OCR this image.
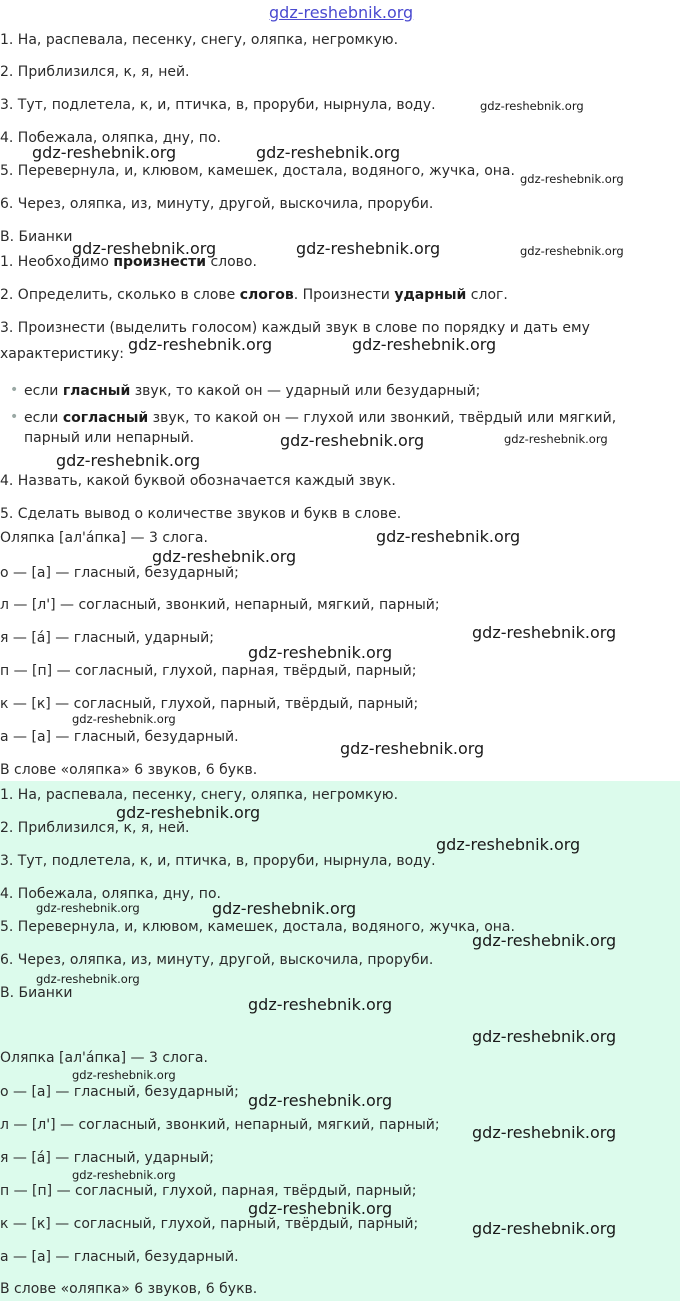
gdz-reshebnik.org
1. На, распевала, песенку, снегу, оляпка, негромкую.
2. Приблизился, к, я, ней.
3. Тут, подлетела, к, и, птичка, в, проруби, нырнула, воду.
4. Побежала, оляпка, дну, по.
5. Перевернула, и, клювом, камешек, достала, водяного, жучка, она.
6. Через, оляпка, из, минуту, другой, выскочила, проруби.
В. Бианки
1. Необходимо произнести слово.
2. Определить, сколько в слове слогов. Произнести ударный слог.
3. Произнести (выделить голосом) каждый звук в слове по порядку и дать ему
характеристику:
• если гласный звук, то какой он — ударный или безударный;
• если согласный звук, то какой он — глухой или звонкий, твёрдый или мягкий,
парный или непарный.
4. Назвать, какой буквой обозначается каждый звук.
5. Сделать вывод о количестве звуков и букв в слове.
Оляпка [ал'а́пка] — 3 слога.
о — [а] — гласный, безударный;
л — [л'] — согласный, звонкий, непарный, мягкий, парный;
я — [а́] — гласный, ударный;
п — [п] — согласный, глухой, парная, твёрдый, парный;
к — [к] — согласный, глухой, парный, твёрдый, парный;
а — [а] — гласный, безударный.
В слове «оляпка» 6 звуков, 6 букв.
1. На, распевала, песенку, снегу, оляпка, негромкую.
2. Приблизился, к, я, ней.
3. Тут, подлетела, к, и, птичка, в, проруби, нырнула, воду.
4. Побежала, оляпка, дну, по.
5. Перевернула, и, клювом, камешек, достала, водяного, жучка, она.
6. Через, оляпка, из, минуту, другой, выскочила, проруби.
В. Бианки
Оляпка [ал'а́пка] — 3 слога.
о — [а] — гласный, безударный;
л — [л'] — согласный, звонкий, непарный, мягкий, парный;
я — [а́] — гласный, ударный;
п — [п] — согласный, глухой, парная, твёрдый, парный;
к — [к] — согласный, глухой, парный, твёрдый, парный;
а — [а] — гласный, безударный.
В слове «оляпка» 6 звуков, 6 букв.
gdz-reshebnik.org
gdz-reshebnik.org	gdz-reshebnik.org
gdz-reshebnik.org
gdz-reshebnik.org	gdz-reshebnik.org	gdz-reshebnik.org
gdz-reshebnik.org	gdz-reshebnik.org
gdz-reshebnik.org	gdz-reshebnik.org
gdz-reshebnik.org
gdz-reshebnik.org
gdz-reshebnik.org
gdz-reshebnik.org
gdz-reshebnik.org
gdz-reshebnik.org
gdz-reshebnik.org
gdz-reshebnik.org
gdz-reshebnik.org
gdz-reshebnik.org	gdz-reshebnik.org
gdz-reshebnik.org
gdz-reshebnik.org
gdz-reshebnik.org
gdz-reshebnik.org
gdz-reshebnik.org
gdz-reshebnik.org
gdz-reshebnik.org
gdz-reshebnik.org
gdz-reshebnik.org
gdz-reshebnik.org
